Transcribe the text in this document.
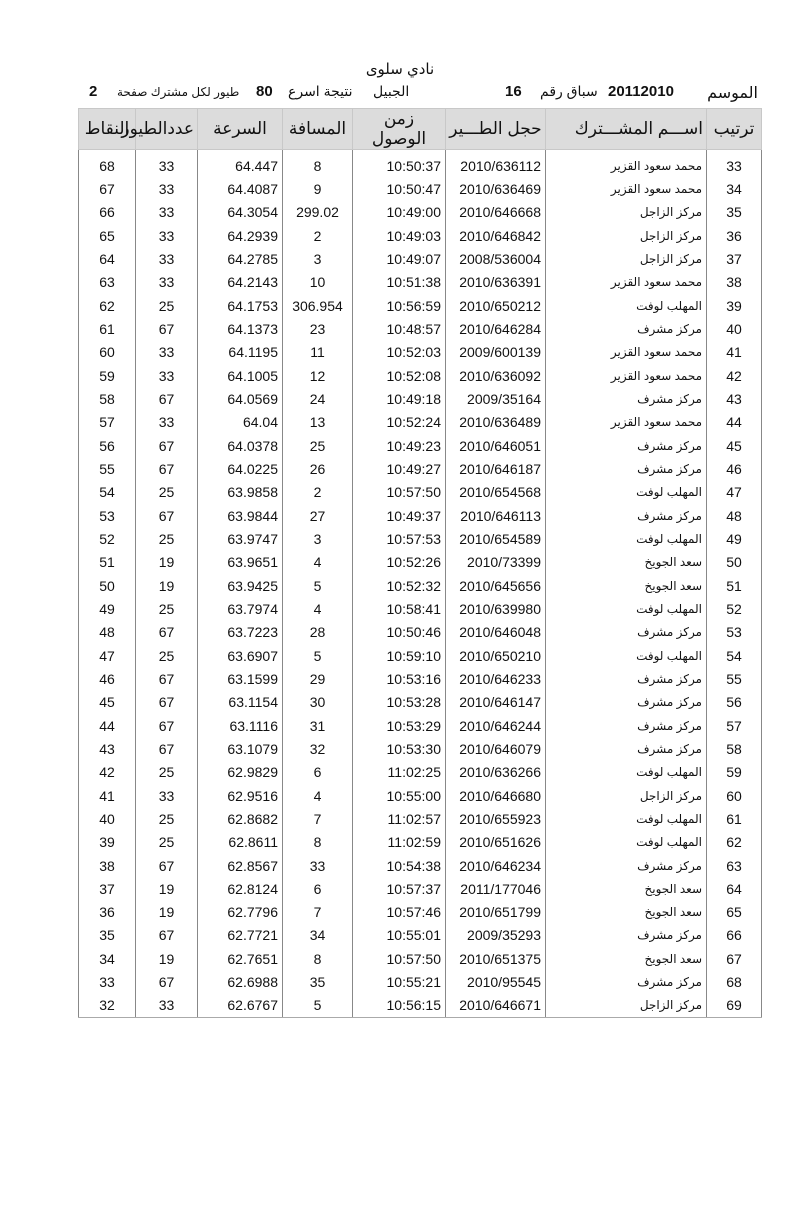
نادي سلوى
الموسم
20112010
سباق رقم
16
الجبيل
نتيجة اسرع
80
طيور لكل مشترك صفحة
2
النقاط	عددالطيور	السرعة	المسافة	زمن الوصول	حجل الطـــير	اســـم المشـــترك	ترتيب

68	33	64.447	8	10:50:37	2010/636112	محمد سعود القزير	33
67	33	64.4087	9	10:50:47	2010/636469	محمد سعود القزير	34
66	33	64.3054	299.02	10:49:00	2010/646668	مركز الزاجل	35
65	33	64.2939	2	10:49:03	2010/646842	مركز الزاجل	36
64	33	64.2785	3	10:49:07	2008/536004	مركز الزاجل	37
63	33	64.2143	10	10:51:38	2010/636391	محمد سعود القزير	38
62	25	64.1753	306.954	10:56:59	2010/650212	المهلب لوفت	39
61	67	64.1373	23	10:48:57	2010/646284	مركز مشرف	40
60	33	64.1195	11	10:52:03	2009/600139	محمد سعود القزير	41
59	33	64.1005	12	10:52:08	2010/636092	محمد سعود القزير	42
58	67	64.0569	24	10:49:18	2009/35164	مركز مشرف	43
57	33	64.04	13	10:52:24	2010/636489	محمد سعود القزير	44
56	67	64.0378	25	10:49:23	2010/646051	مركز مشرف	45
55	67	64.0225	26	10:49:27	2010/646187	مركز مشرف	46
54	25	63.9858	2	10:57:50	2010/654568	المهلب لوفت	47
53	67	63.9844	27	10:49:37	2010/646113	مركز مشرف	48
52	25	63.9747	3	10:57:53	2010/654589	المهلب لوفت	49
51	19	63.9651	4	10:52:26	2010/73399	سعد الجويخ	50
50	19	63.9425	5	10:52:32	2010/645656	سعد الجويخ	51
49	25	63.7974	4	10:58:41	2010/639980	المهلب لوفت	52
48	67	63.7223	28	10:50:46	2010/646048	مركز مشرف	53
47	25	63.6907	5	10:59:10	2010/650210	المهلب لوفت	54
46	67	63.1599	29	10:53:16	2010/646233	مركز مشرف	55
45	67	63.1154	30	10:53:28	2010/646147	مركز مشرف	56
44	67	63.1116	31	10:53:29	2010/646244	مركز مشرف	57
43	67	63.1079	32	10:53:30	2010/646079	مركز مشرف	58
42	25	62.9829	6	11:02:25	2010/636266	المهلب لوفت	59
41	33	62.9516	4	10:55:00	2010/646680	مركز الزاجل	60
40	25	62.8682	7	11:02:57	2010/655923	المهلب لوفت	61
39	25	62.8611	8	11:02:59	2010/651626	المهلب لوفت	62
38	67	62.8567	33	10:54:38	2010/646234	مركز مشرف	63
37	19	62.8124	6	10:57:37	2011/177046	سعد الجويخ	64
36	19	62.7796	7	10:57:46	2010/651799	سعد الجويخ	65
35	67	62.7721	34	10:55:01	2009/35293	مركز مشرف	66
34	19	62.7651	8	10:57:50	2010/651375	سعد الجويخ	67
33	67	62.6988	35	10:55:21	2010/95545	مركز مشرف	68
32	33	62.6767	5	10:56:15	2010/646671	مركز الزاجل	69
